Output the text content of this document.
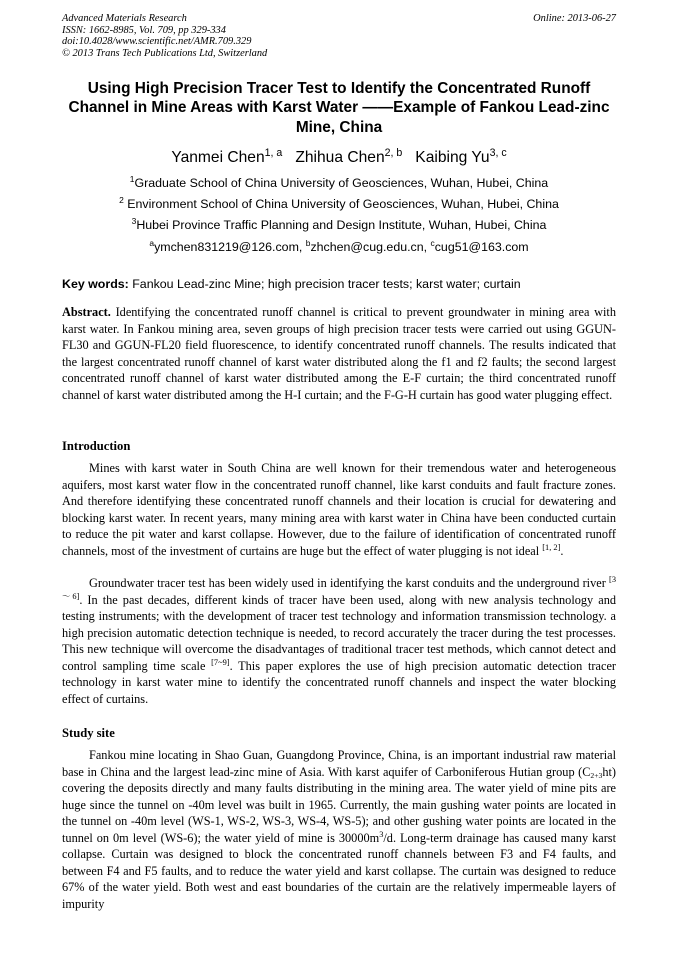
Advanced Materials Research
ISSN: 1662-8985, Vol. 709, pp 329-334
doi:10.4028/www.scientific.net/AMR.709.329
© 2013 Trans Tech Publications Ltd, Switzerland
Online: 2013-06-27
Using High Precision Tracer Test to Identify the Concentrated Runoff Channel in Mine Areas with Karst Water ——Example of Fankou Lead-zinc Mine, China
Yanmei Chen$^{1, a}$ Zhihua Chen$^{2, b}$ Kaibing Yu$^{3, c}$
$^1$Graduate School of China University of Geosciences, Wuhan, Hubei, China
$^2$ Environment School of China University of Geosciences, Wuhan, Hubei, China
$^3$Hubei Province Traffic Planning and Design Institute, Wuhan, Hubei, China
$^a$ymchen831219@126.com, $^b$zhchen@cug.edu.cn, $^c$cug51@163.com
Key words: Fankou Lead-zinc Mine; high precision tracer tests; karst water; curtain
Abstract. Identifying the concentrated runoff channel is critical to prevent groundwater in mining area with karst water. In Fankou mining area, seven groups of high precision tracer tests were carried out using GGUN-FL30 and GGUN-FL20 field fluorescence, to identify concentrated runoff channels. The results indicated that the largest concentrated runoff channel of karst water distributed along the f1 and f2 faults; the second largest concentrated runoff channel of karst water distributed among the E-F curtain; the third concentrated runoff channel of karst water distributed among the H-I curtain; and the F-G-H curtain has good water plugging effect.
Introduction
Mines with karst water in South China are well known for their tremendous water and heterogeneous aquifers, most karst water flow in the concentrated runoff channel, like karst conduits and fault fracture zones. And therefore identifying these concentrated runoff channels and their location is crucial for dewatering and blocking karst water. In recent years, many mining area with karst water in China have been conducted curtain to reduce the pit water and karst collapse. However, due to the failure of identification of concentrated runoff channels, most of the investment of curtains are huge but the effect of water plugging is not ideal [1, 2].
Groundwater tracer test has been widely used in identifying the karst conduits and the underground river [3～6]. In the past decades, different kinds of tracer have been used, along with new analysis technology and testing instruments; with the development of tracer test technology and information transmission technology. a high precision automatic detection technique is needed, to record accurately the tracer during the test processes. This new technique will overcome the disadvantages of traditional tracer test methods, which cannot detect and control sampling time scale [7~9]. This paper explores the use of high precision automatic detection tracer technology in karst water mine to identify the concentrated runoff channels and inspect the water blocking effect of curtains.
Study site
Fankou mine locating in Shao Guan, Guangdong Province, China, is an important industrial raw material base in China and the largest lead-zinc mine of Asia. With karst aquifer of Carboniferous Hutian group $(C_{2+3}ht)$ covering the deposits directly and many faults distributing in the mining area. The water yield of mine pits are huge since the tunnel on -40m level was built in 1965. Currently, the main gushing water points are located in the tunnel on -40m level (WS-1, WS-2, WS-3, WS-4, WS-5); and other gushing water points are located in the tunnel on 0m level (WS-6); the water yield of mine is $30000m^3/d$. Long-term drainage has caused many karst collapse. Curtain was designed to block the concentrated runoff channels between F3 and F4 faults, and between F4 and F5 faults, and to reduce the water yield and karst collapse. The curtain was designed to reduce 67% of the water yield. Both west and east boundaries of the curtain are the relatively impermeable layers of impurity
